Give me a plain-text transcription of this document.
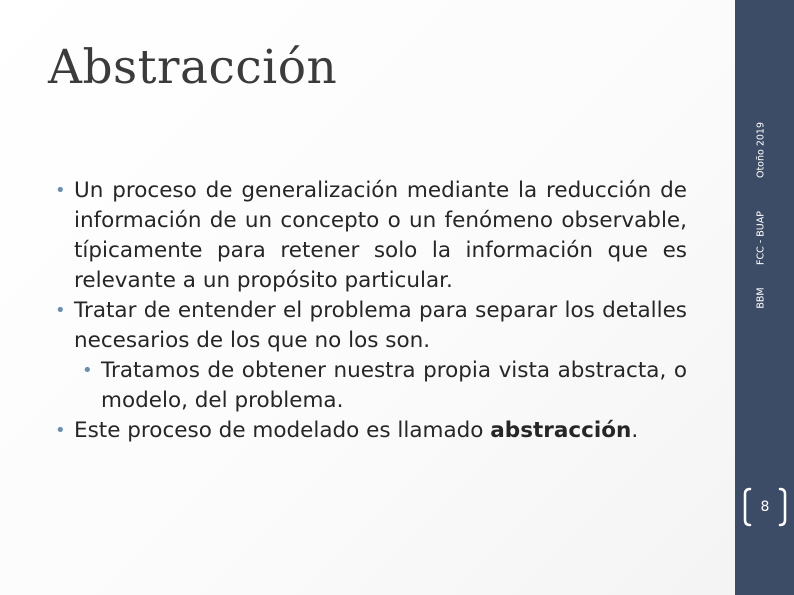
Abstracción

• Un proceso de generalización mediante la reducción de información de un concepto o un fenómeno observable, típicamente para retener solo la información que es relevante a un propósito particular.

• Tratar de entender el problema para separar los detalles necesarios de los que no los son.

• Tratamos de obtener nuestra propia vista abstracta, o modelo, del problema.

• Este proceso de modelado es llamado abstracción.

Otoño 2019
FCC - BUAP
BBM
8
